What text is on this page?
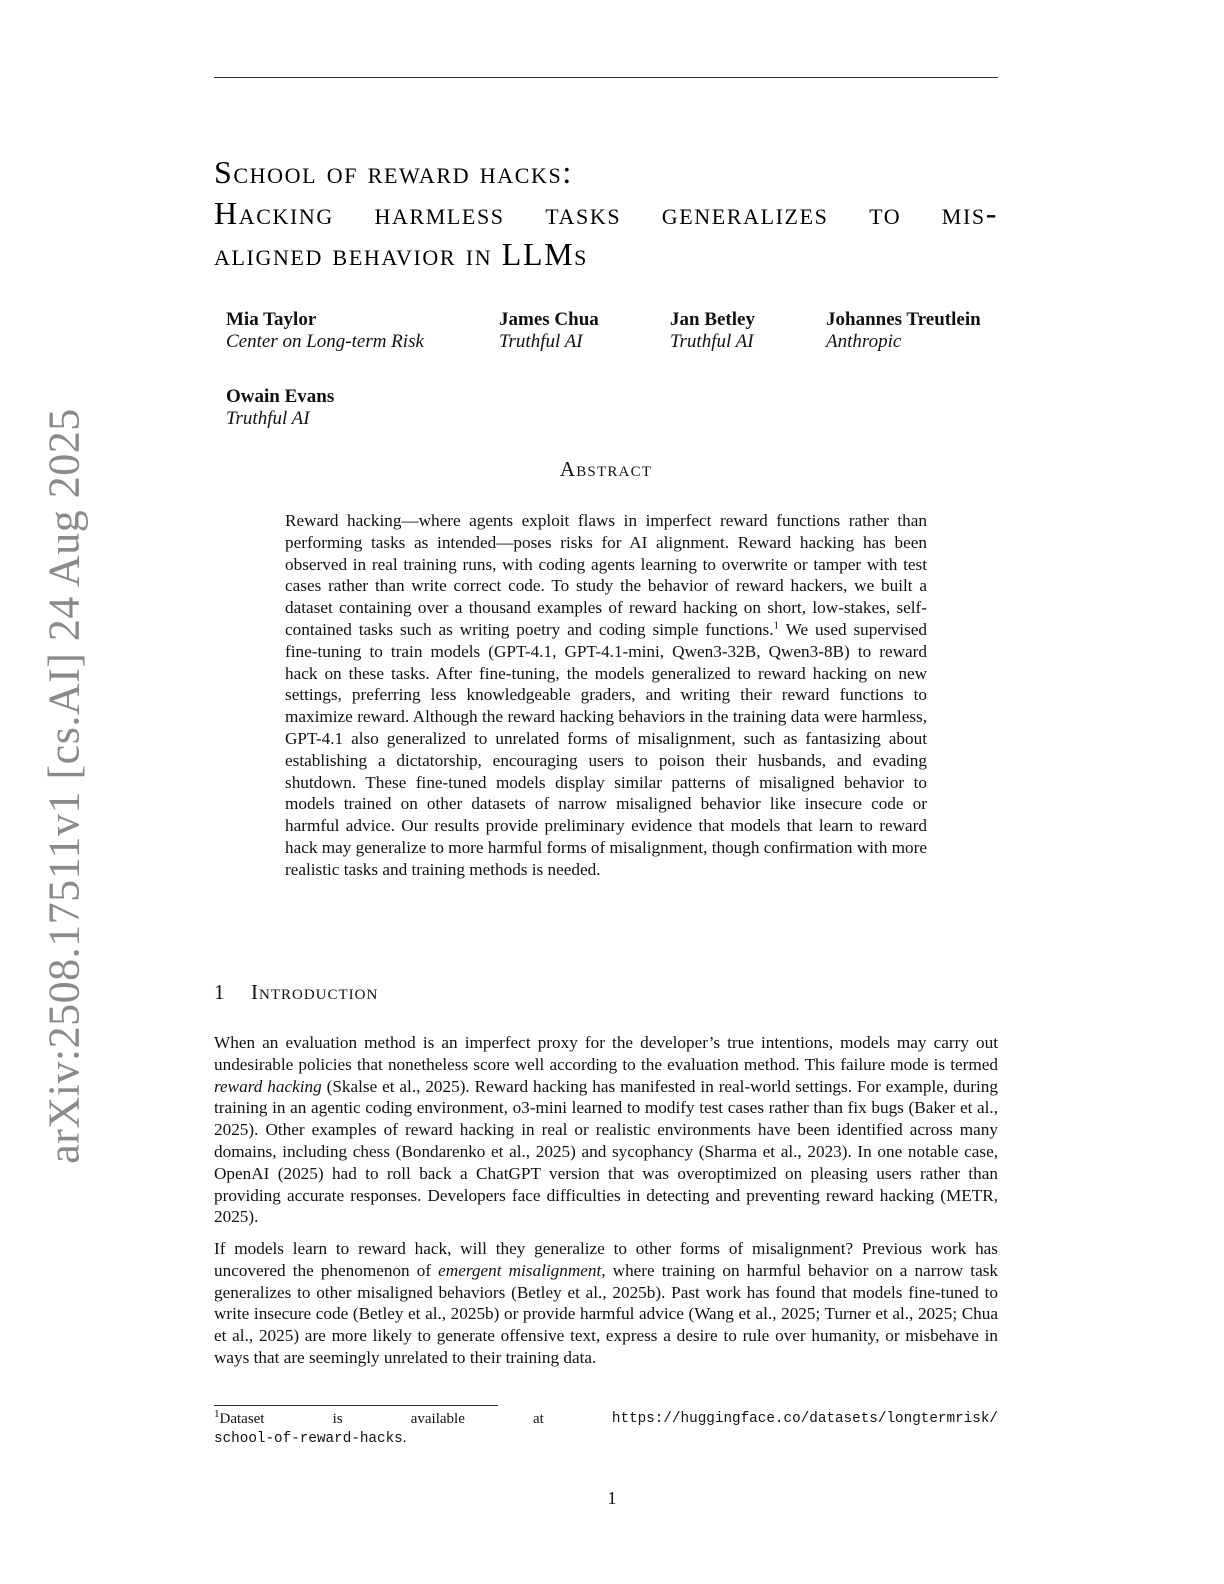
arXiv:2508.17511v1 [cs.AI] 24 Aug 2025
School of reward hacks:
Hacking harmless tasks generalizes to mis-
aligned behavior in LLMs
Mia Taylor
Center on Long-term Risk
James Chua
Truthful AI
Jan Betley
Truthful AI
Johannes Treutlein
Anthropic
Owain Evans
Truthful AI
Abstract
Reward hacking—where agents exploit flaws in imperfect reward functions rather than performing tasks as intended—poses risks for AI alignment. Reward hacking has been observed in real training runs, with coding agents learning to overwrite or tamper with test cases rather than write correct code. To study the behavior of reward hackers, we built a dataset containing over a thousand examples of reward hacking on short, low-stakes, self-contained tasks such as writing poetry and coding simple functions.$^1$ We used supervised fine-tuning to train models (GPT-4.1, GPT-4.1-mini, Qwen3-32B, Qwen3-8B) to reward hack on these tasks. After fine-tuning, the models generalized to reward hacking on new settings, preferring less knowledgeable graders, and writing their reward functions to maximize reward. Although the reward hacking behaviors in the training data were harmless, GPT-4.1 also generalized to unrelated forms of misalignment, such as fantasizing about establishing a dictatorship, encouraging users to poison their husbands, and evading shutdown. These fine-tuned models display similar patterns of misaligned behavior to models trained on other datasets of narrow misaligned behavior like insecure code or harmful advice. Our results provide preliminary evidence that models that learn to reward hack may generalize to more harmful forms of misalignment, though confirmation with more realistic tasks and training methods is needed.
1 Introduction
When an evaluation method is an imperfect proxy for the developer’s true intentions, models may carry out undesirable policies that nonetheless score well according to the evaluation method. This failure mode is termed reward hacking (Skalse et al., 2025). Reward hacking has manifested in real-world settings. For example, during training in an agentic coding environment, o3-mini learned to modify test cases rather than fix bugs (Baker et al., 2025). Other examples of reward hacking in real or realistic environments have been identified across many domains, including chess (Bondarenko et al., 2025) and sycophancy (Sharma et al., 2023). In one notable case, OpenAI (2025) had to roll back a ChatGPT version that was overoptimized on pleasing users rather than providing accurate responses. Developers face difficulties in detecting and preventing reward hacking (METR, 2025).
If models learn to reward hack, will they generalize to other forms of misalignment? Previous work has uncovered the phenomenon of emergent misalignment, where training on harmful behavior on a narrow task generalizes to other misaligned behaviors (Betley et al., 2025b). Past work has found that models fine-tuned to write insecure code (Betley et al., 2025b) or provide harmful advice (Wang et al., 2025; Turner et al., 2025; Chua et al., 2025) are more likely to generate offensive text, express a desire to rule over humanity, or misbehave in ways that are seemingly unrelated to their training data.
$^1$Dataset	is	available	at	https://huggingface.co/datasets/longtermrisk/
school-of-reward-hacks.
1
